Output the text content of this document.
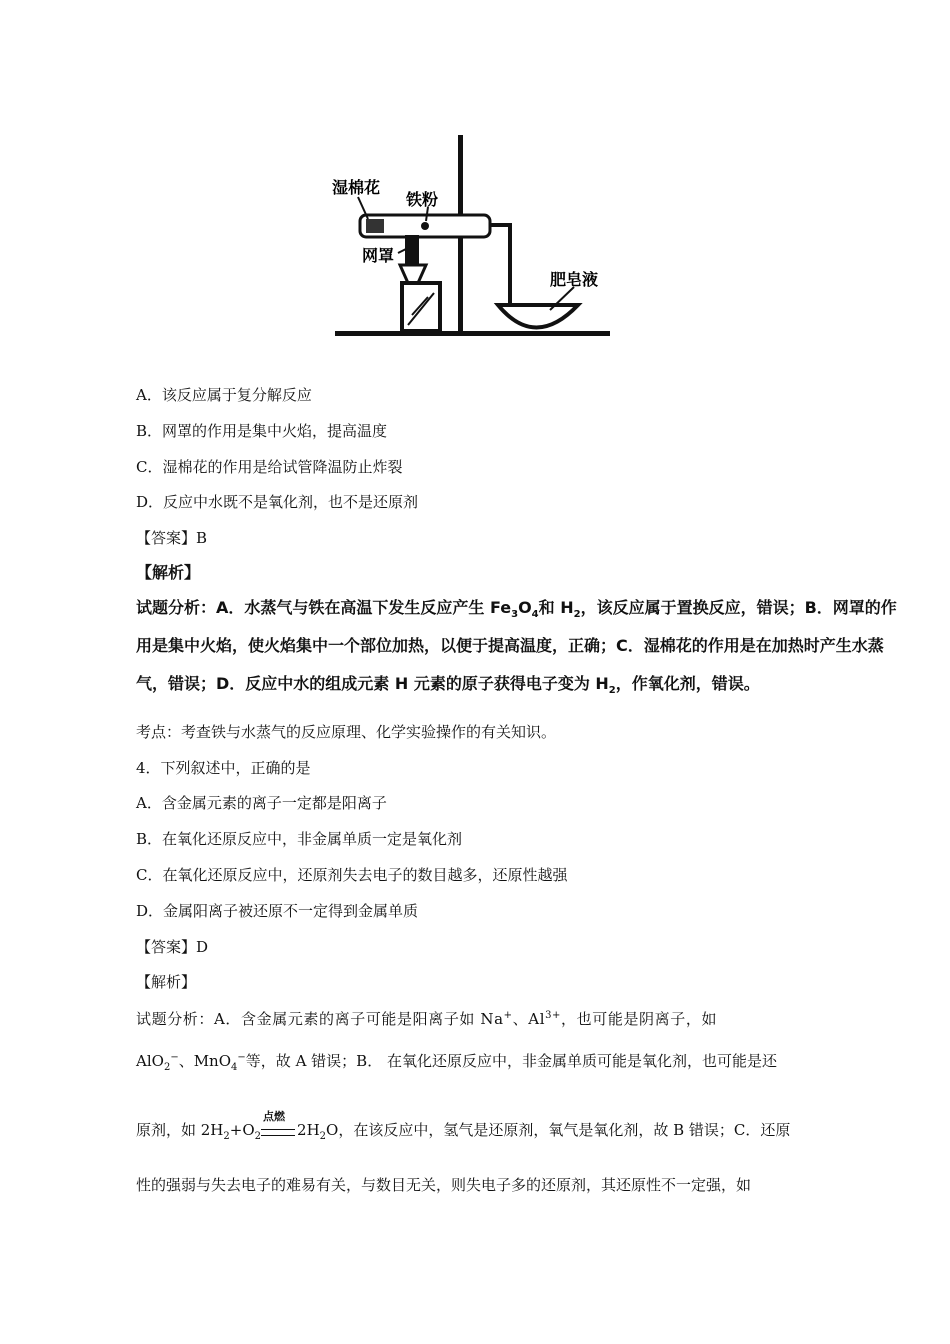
湿棉花
铁粉
网罩
肥皂液
A．该反应属于复分解反应
B．网罩的作用是集中火焰，提高温度
C．湿棉花的作用是给试管降温防止炸裂
D．反应中水既不是氧化剂，也不是还原剂
【答案】B
【解析】
试题分析：A．水蒸气与铁在高温下发生反应产生 $Fe_3O_4$和 $H_2$，该反应属于置换反应，错误；B．网罩的作
用是集中火焰，使火焰集中一个部位加热，以便于提高温度，正确；C．湿棉花的作用是在加热时产生水蒸
气，错误；D．反应中水的组成元素 H 元素的原子获得电子变为 $H_2$，作氧化剂，错误。
考点：考查铁与水蒸气的反应原理、化学实验操作的有关知识。
4．下列叙述中，正确的是
A．含金属元素的离子一定都是阳离子
B．在氧化还原反应中，非金属单质一定是氧化剂
C．在氧化还原反应中，还原剂失去电子的数目越多，还原性越强
D．金属阳离子被还原不一定得到金属单质
【答案】D
【解析】
试题分析：A．含金属元素的离子可能是阳离子如 Na+、$Al^{3+}$，也可能是阴离子，如
AlO$_2$−、MnO$_4$−等，故 A 错误；B． 在氧化还原反应中，非金属单质可能是氧化剂，也可能是还
原剂，如 $2H_2+O_2$
点燃
$2H_2O$，在该反应中，氢气是还原剂，氧气是氧化剂，故 B 错误；C．还原
性的强弱与失去电子的难易有关，与数目无关，则失电子多的还原剂，其还原性不一定强，如
